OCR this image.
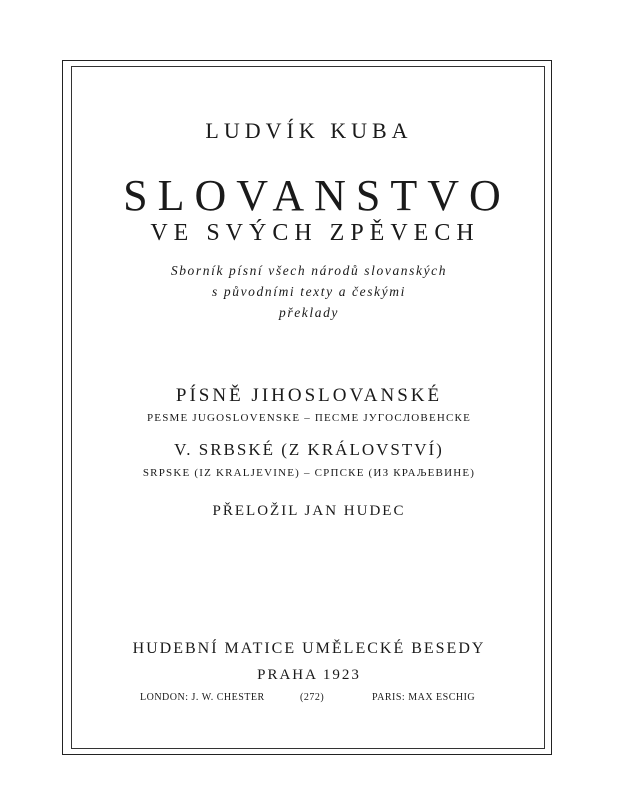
LUDVÍK KUBA
SLOVANSTVO
VE SVÝCH ZPĚVECH
Sborník písní všech národů slovanských
s původními texty a českými
překlady
PÍSNĚ JIHOSLOVANSKÉ
PESME JUGOSLOVENSKE – ПЕСМЕ ЈУГОСЛОВЕНСКЕ
V. SRBSKÉ (Z KRÁLOVSTVÍ)
SRPSKE (IZ KRALJEVINE) – СРПСКЕ (ИЗ КРАЉЕВИНЕ)
PŘELOŽIL JAN HUDEC
HUDEBNÍ MATICE UMĚLECKÉ BESEDY
PRAHA 1923
LONDON: J. W. CHESTER	(272)	PARIS: MAX ESCHIG
